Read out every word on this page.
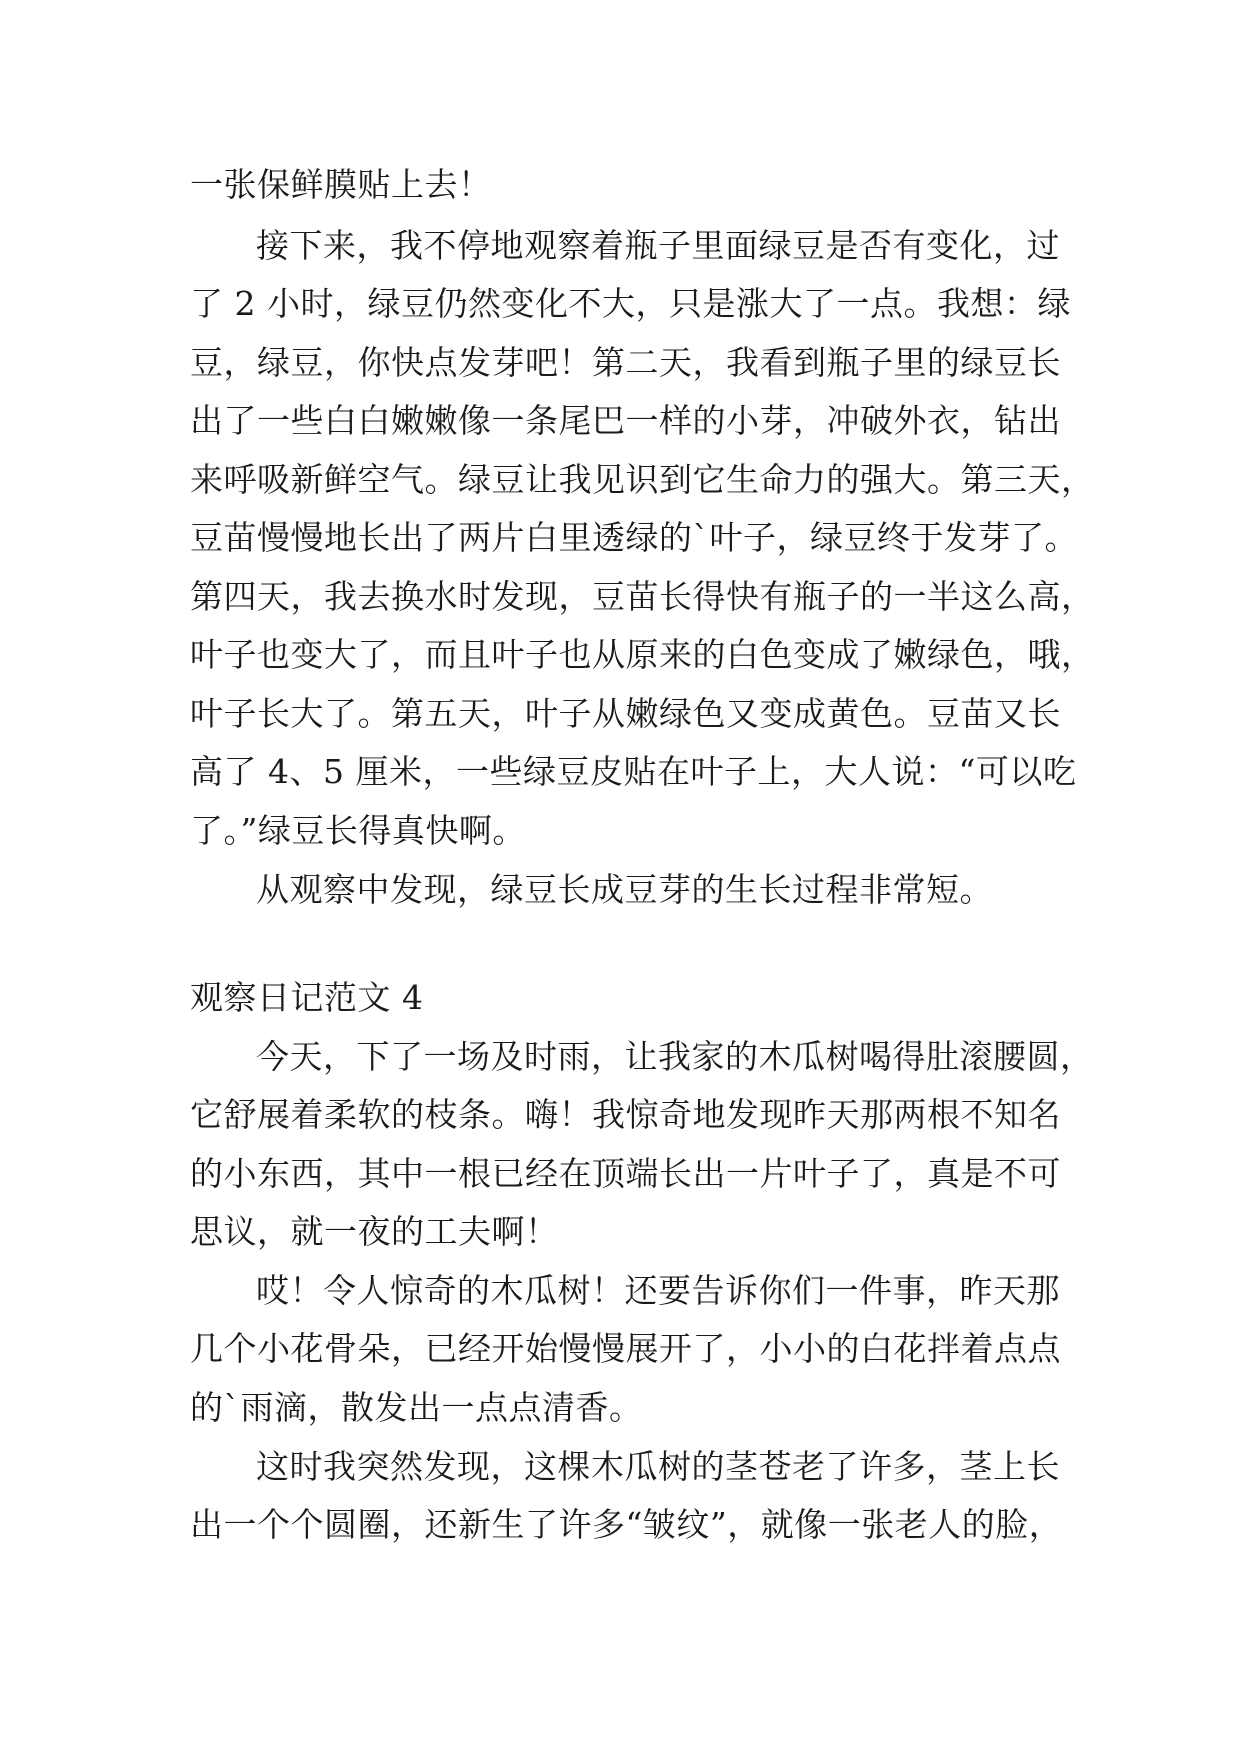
一张保鲜膜贴上去！

接下来，我不停地观察着瓶子里面绿豆是否有变化，过

了 2 小时，绿豆仍然变化不大，只是涨大了一点。我想：绿

豆，绿豆，你快点发芽吧！第二天，我看到瓶子里的绿豆长

出了一些白白嫩嫩像一条尾巴一样的小芽，冲破外衣，钻出

来呼吸新鲜空气。绿豆让我见识到它生命力的强大。第三天，

豆苗慢慢地长出了两片白里透绿的`叶子，绿豆终于发芽了。

第四天，我去换水时发现，豆苗长得快有瓶子的一半这么高，

叶子也变大了，而且叶子也从原来的白色变成了嫩绿色，哦，

叶子长大了。第五天，叶子从嫩绿色又变成黄色。豆苗又长

高了 4、5 厘米，一些绿豆皮贴在叶子上，大人说：“可以吃

了。”绿豆长得真快啊。

从观察中发现，绿豆长成豆芽的生长过程非常短。

观察日记范文 4

今天，下了一场及时雨，让我家的木瓜树喝得肚滚腰圆，

它舒展着柔软的枝条。嗨！我惊奇地发现昨天那两根不知名

的小东西，其中一根已经在顶端长出一片叶子了，真是不可

思议，就一夜的工夫啊！

哎！令人惊奇的木瓜树！还要告诉你们一件事，昨天那

几个小花骨朵，已经开始慢慢展开了，小小的白花拌着点点

的`雨滴，散发出一点点清香。

这时我突然发现，这棵木瓜树的茎苍老了许多，茎上长

出一个个圆圈，还新生了许多“皱纹”，就像一张老人的脸，
